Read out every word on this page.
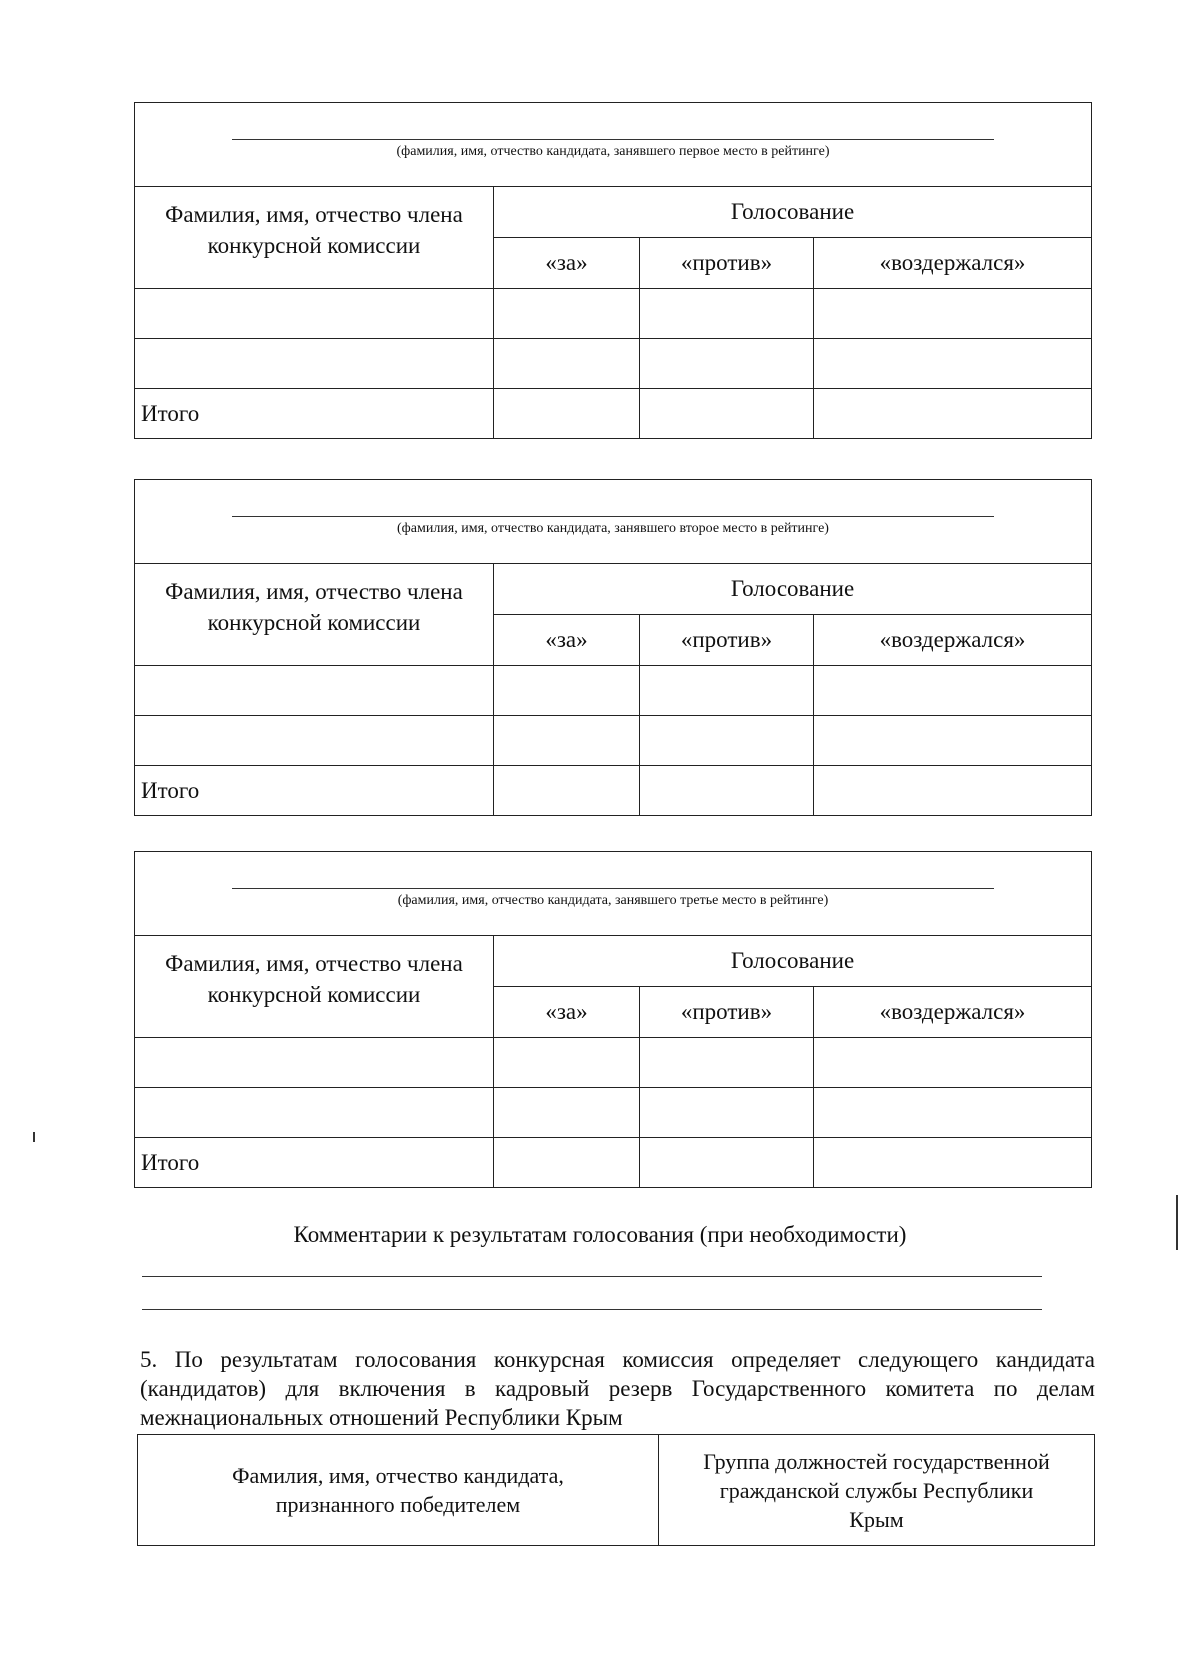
(фамилия, имя, отчество кандидата, занявшего первое место в рейтинге)			

Фамилия, имя, отчество члена конкурсной комиссии	Голосование		
	«за»	«против»	«воздержался»

Итого			
(фамилия, имя, отчество кандидата, занявшего второе место в рейтинге)			

Фамилия, имя, отчество члена конкурсной комиссии	Голосование		
	«за»	«против»	«воздержался»

Итого			
(фамилия, имя, отчество кандидата, занявшего третье место в рейтинге)			

Фамилия, имя, отчество члена конкурсной комиссии	Голосование		
	«за»	«против»	«воздержался»

Итого			
Комментарии к результатам голосования (при необходимости)
5. По результатам голосования конкурсная комиссия определяет следующего кандидата (кандидатов) для включения в кадровый резерв Государственного комитета по делам межнациональных отношений Республики Крым
Фамилия, имя, отчество кандидата, признанного победителем	Группа должностей государственной гражданской службы Республики Крым
